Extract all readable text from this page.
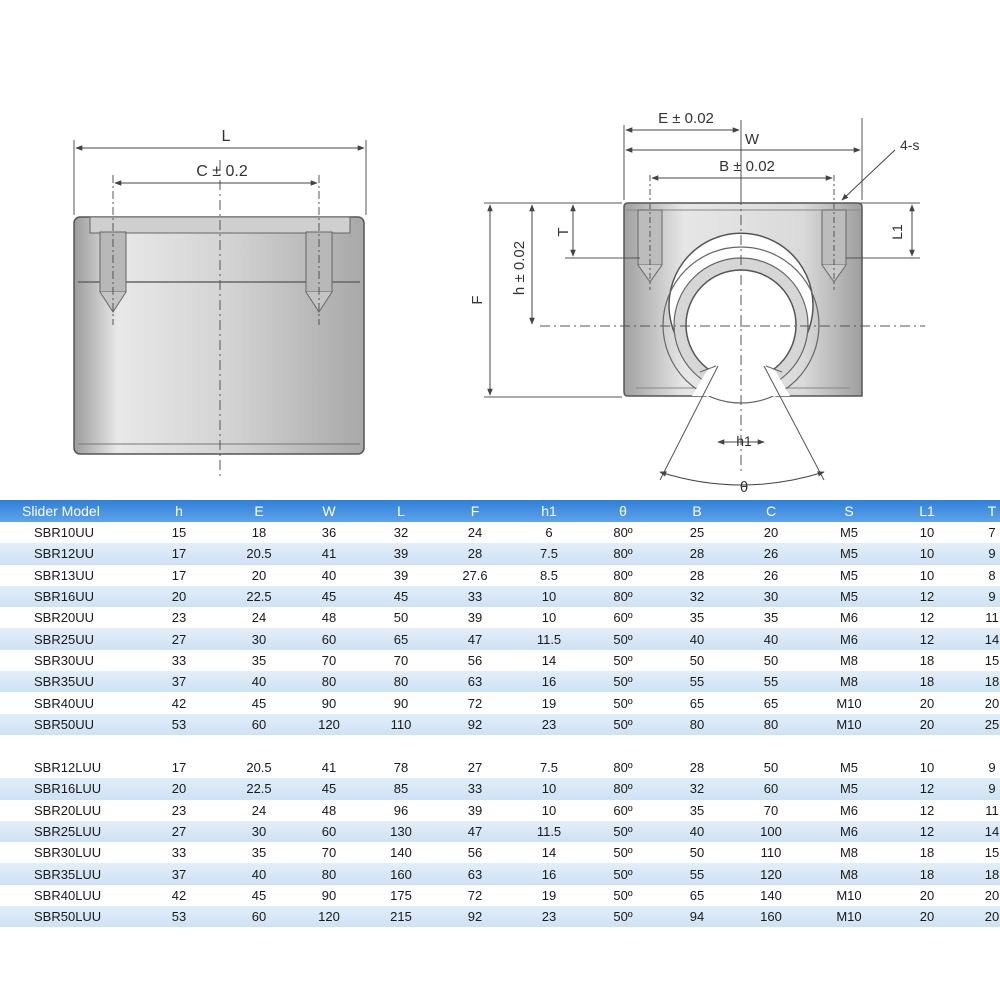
L
C ± 0.2
E ± 0.02
W
B ± 0.02
4-s
T
h ± 0.02
F
L1
θ
h1
Slider Model	h	E	W	L	F	h1	θ	B	C	S	L1	T
SBR10UU	15	18	36	32	24	6	80º	25	20	M5	10	7
SBR12UU	17	20.5	41	39	28	7.5	80º	28	26	M5	10	9
SBR13UU	17	20	40	39	27.6	8.5	80º	28	26	M5	10	8
SBR16UU	20	22.5	45	45	33	10	80º	32	30	M5	12	9
SBR20UU	23	24	48	50	39	10	60º	35	35	M6	12	11
SBR25UU	27	30	60	65	47	11.5	50º	40	40	M6	12	14
SBR30UU	33	35	70	70	56	14	50º	50	50	M8	18	15
SBR35UU	37	40	80	80	63	16	50º	55	55	M8	18	18
SBR40UU	42	45	90	90	72	19	50º	65	65	M10	20	20
SBR50UU	53	60	120	110	92	23	50º	80	80	M10	20	25

SBR12LUU	17	20.5	41	78	27	7.5	80º	28	50	M5	10	9
SBR16LUU	20	22.5	45	85	33	10	80º	32	60	M5	12	9
SBR20LUU	23	24	48	96	39	10	60º	35	70	M6	12	11
SBR25LUU	27	30	60	130	47	11.5	50º	40	100	M6	12	14
SBR30LUU	33	35	70	140	56	14	50º	50	110	M8	18	15
SBR35LUU	37	40	80	160	63	16	50º	55	120	M8	18	18
SBR40LUU	42	45	90	175	72	19	50º	65	140	M10	20	20
SBR50LUU	53	60	120	215	92	23	50º	94	160	M10	20	20
